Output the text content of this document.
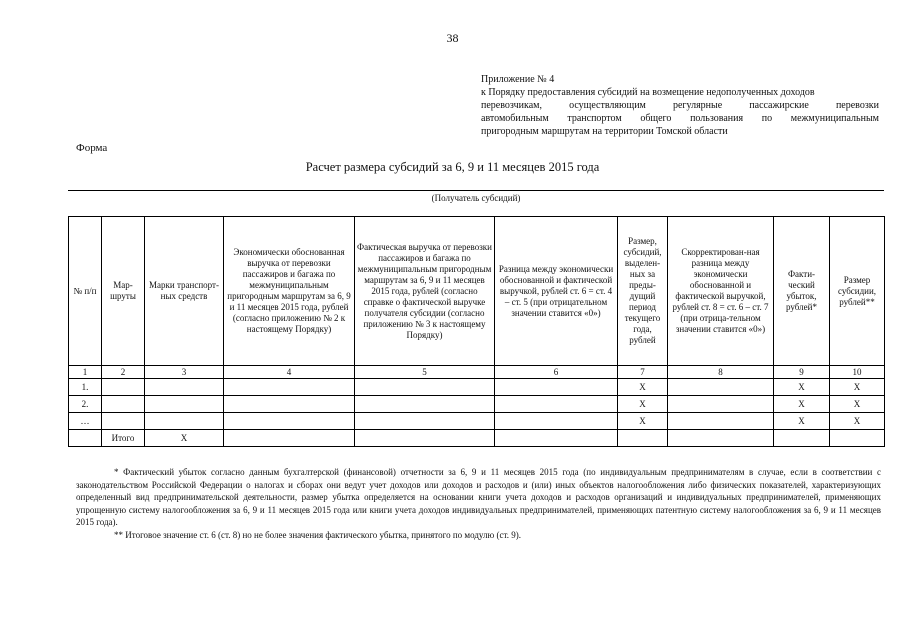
38
Приложение № 4
к Порядку предоставления субсидий на возмещение недополученных доходов
перевозчикам, осуществляющим регулярные пассажирские перевозки
автомобильным транспортом общего пользования по межмуниципальным
пригородным маршрутам на территории Томской области
Форма
Расчет размера субсидий за 6, 9 и 11 месяцев 2015 года
(Получатель субсидий)
№ п/п	Мар-шруты	Марки транспорт-ных средств	Экономически обоснованная выручка от перевозки пассажиров и багажа по межмуниципальным пригородным маршрутам за 6, 9 и 11 месяцев 2015 года, рублей (согласно приложению № 2 к настоящему Порядку)	Фактическая выручка от перевозки пассажиров и багажа по межмуниципальным пригородным маршрутам за 6, 9 и 11 месяцев 2015 года, рублей (согласно справке о фактической выручке получателя субсидии (согласно приложению № 3 к настоящему Порядку)	Разница между экономически обоснованной и фактической выручкой, рублей ст. 6 = ст. 4 – ст. 5 (при отрицательном значении ставится «0»)	Размер, субсидий, выделен-ных за преды-дущий период текущего года, рублей	Скорректирован-ная разница между экономически обоснованной и фактической выручкой, рублей ст. 8 = ст. 6 – ст. 7 (при отрица-тельном значении ставится «0»)	Факти-ческий убыток, рублей*	Размер субсидии, рублей**
1	2	3	4	5	6	7	8	9	10
1.						X		X	X
2.						X		X	X
…						X		X	X
	Итого	X							

* Фактический убыток согласно данным бухгалтерской (финансовой) отчетности за 6, 9 и 11 месяцев 2015 года (по индивидуальным предпринимателям в случае, если в соответствии с законодательством Российской Федерации о налогах и сборах они ведут учет доходов или доходов и расходов и (или) иных объектов налогообложения либо физических показателей, характеризующих определенный вид предпринимательской деятельности, размер убытка определяется на основании книги учета доходов и расходов организаций и индивидуальных предпринимателей, применяющих упрощенную систему налогообложения за 6, 9 и 11 месяцев 2015 года или книги учета доходов индивидуальных предпринимателей, применяющих патентную систему налогообложения за 6, 9 и 11 месяцев 2015 года).

** Итоговое значение ст. 6 (ст. 8) но не более значения фактического убытка, принятого по модулю (ст. 9).
